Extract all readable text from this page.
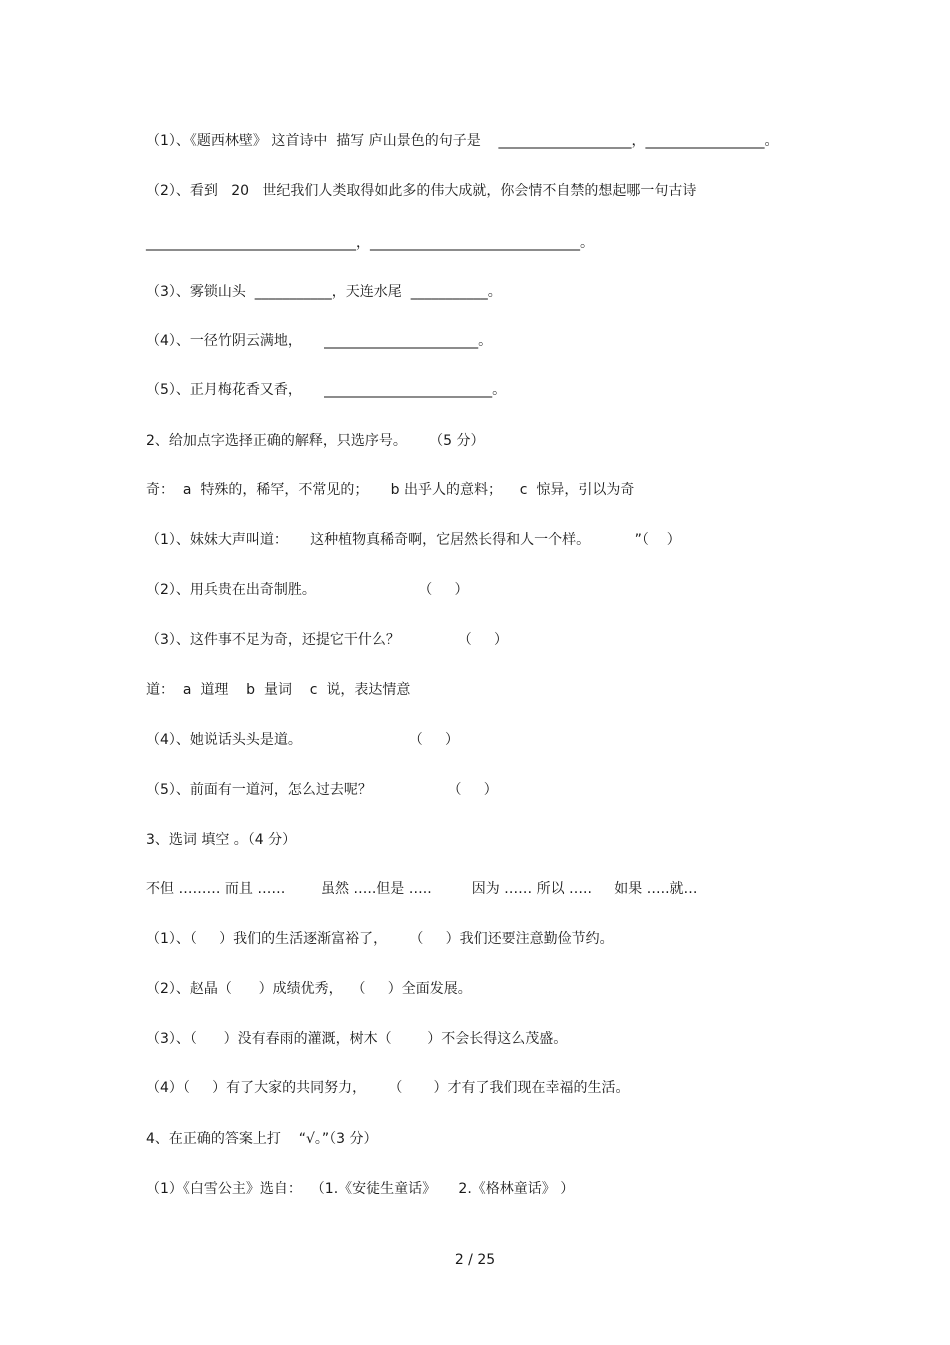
（1）、《题西林壁》 这首诗中  描写 庐山景色的句子是    ___________________，_________________。
（2）、看到   20   世纪我们人类取得如此多的伟大成就，你会情不自禁的想起哪一句古诗
______________________________，______________________________。
（3）、雾锁山头  ___________，天连水尾  ___________。
（4）、一径竹阴云满地，     ______________________。
（5）、正月梅花香又香，     ________________________。
2、给加点字选择正确的解释，只选序号。     （5 分）
奇：  a  特殊的，稀罕，不常见的；     b 出乎人的意料；    c  惊异，引以为奇
（1）、妹妹大声叫道：     这种植物真稀奇啊，它居然长得和人一个样。          ”（    ）
（2）、用兵贵在出奇制胜。                       （     ）
（3）、这件事不足为奇，还提它干什么？             （     ）
道：  a  道理    b  量词    c  说，表达情意
（4）、她说话头头是道。                        （     ）
（5）、前面有一道河，怎么过去呢？                 （     ）
3、选词 填空 。（4 分）
不但 ……… 而且 ……        虽然 …..但是 …..         因为 …… 所以 …..     如果 …..就…
（1）、（     ）我们的生活逐渐富裕了，     （     ）我们还要注意勤俭节约。
（2）、赵晶（      ）成绩优秀，  （     ）全面发展。
（3）、（      ）没有春雨的灌溉，树木（        ）不会长得这么茂盛。
（4）（     ）有了大家的共同努力，     （       ）才有了我们现在幸福的生活。
4、在正确的答案上打    “√。”（3 分）
（1）《白雪公主》选自：  （1.《安徒生童话》     2.《格林童话》 ）
2 / 25
